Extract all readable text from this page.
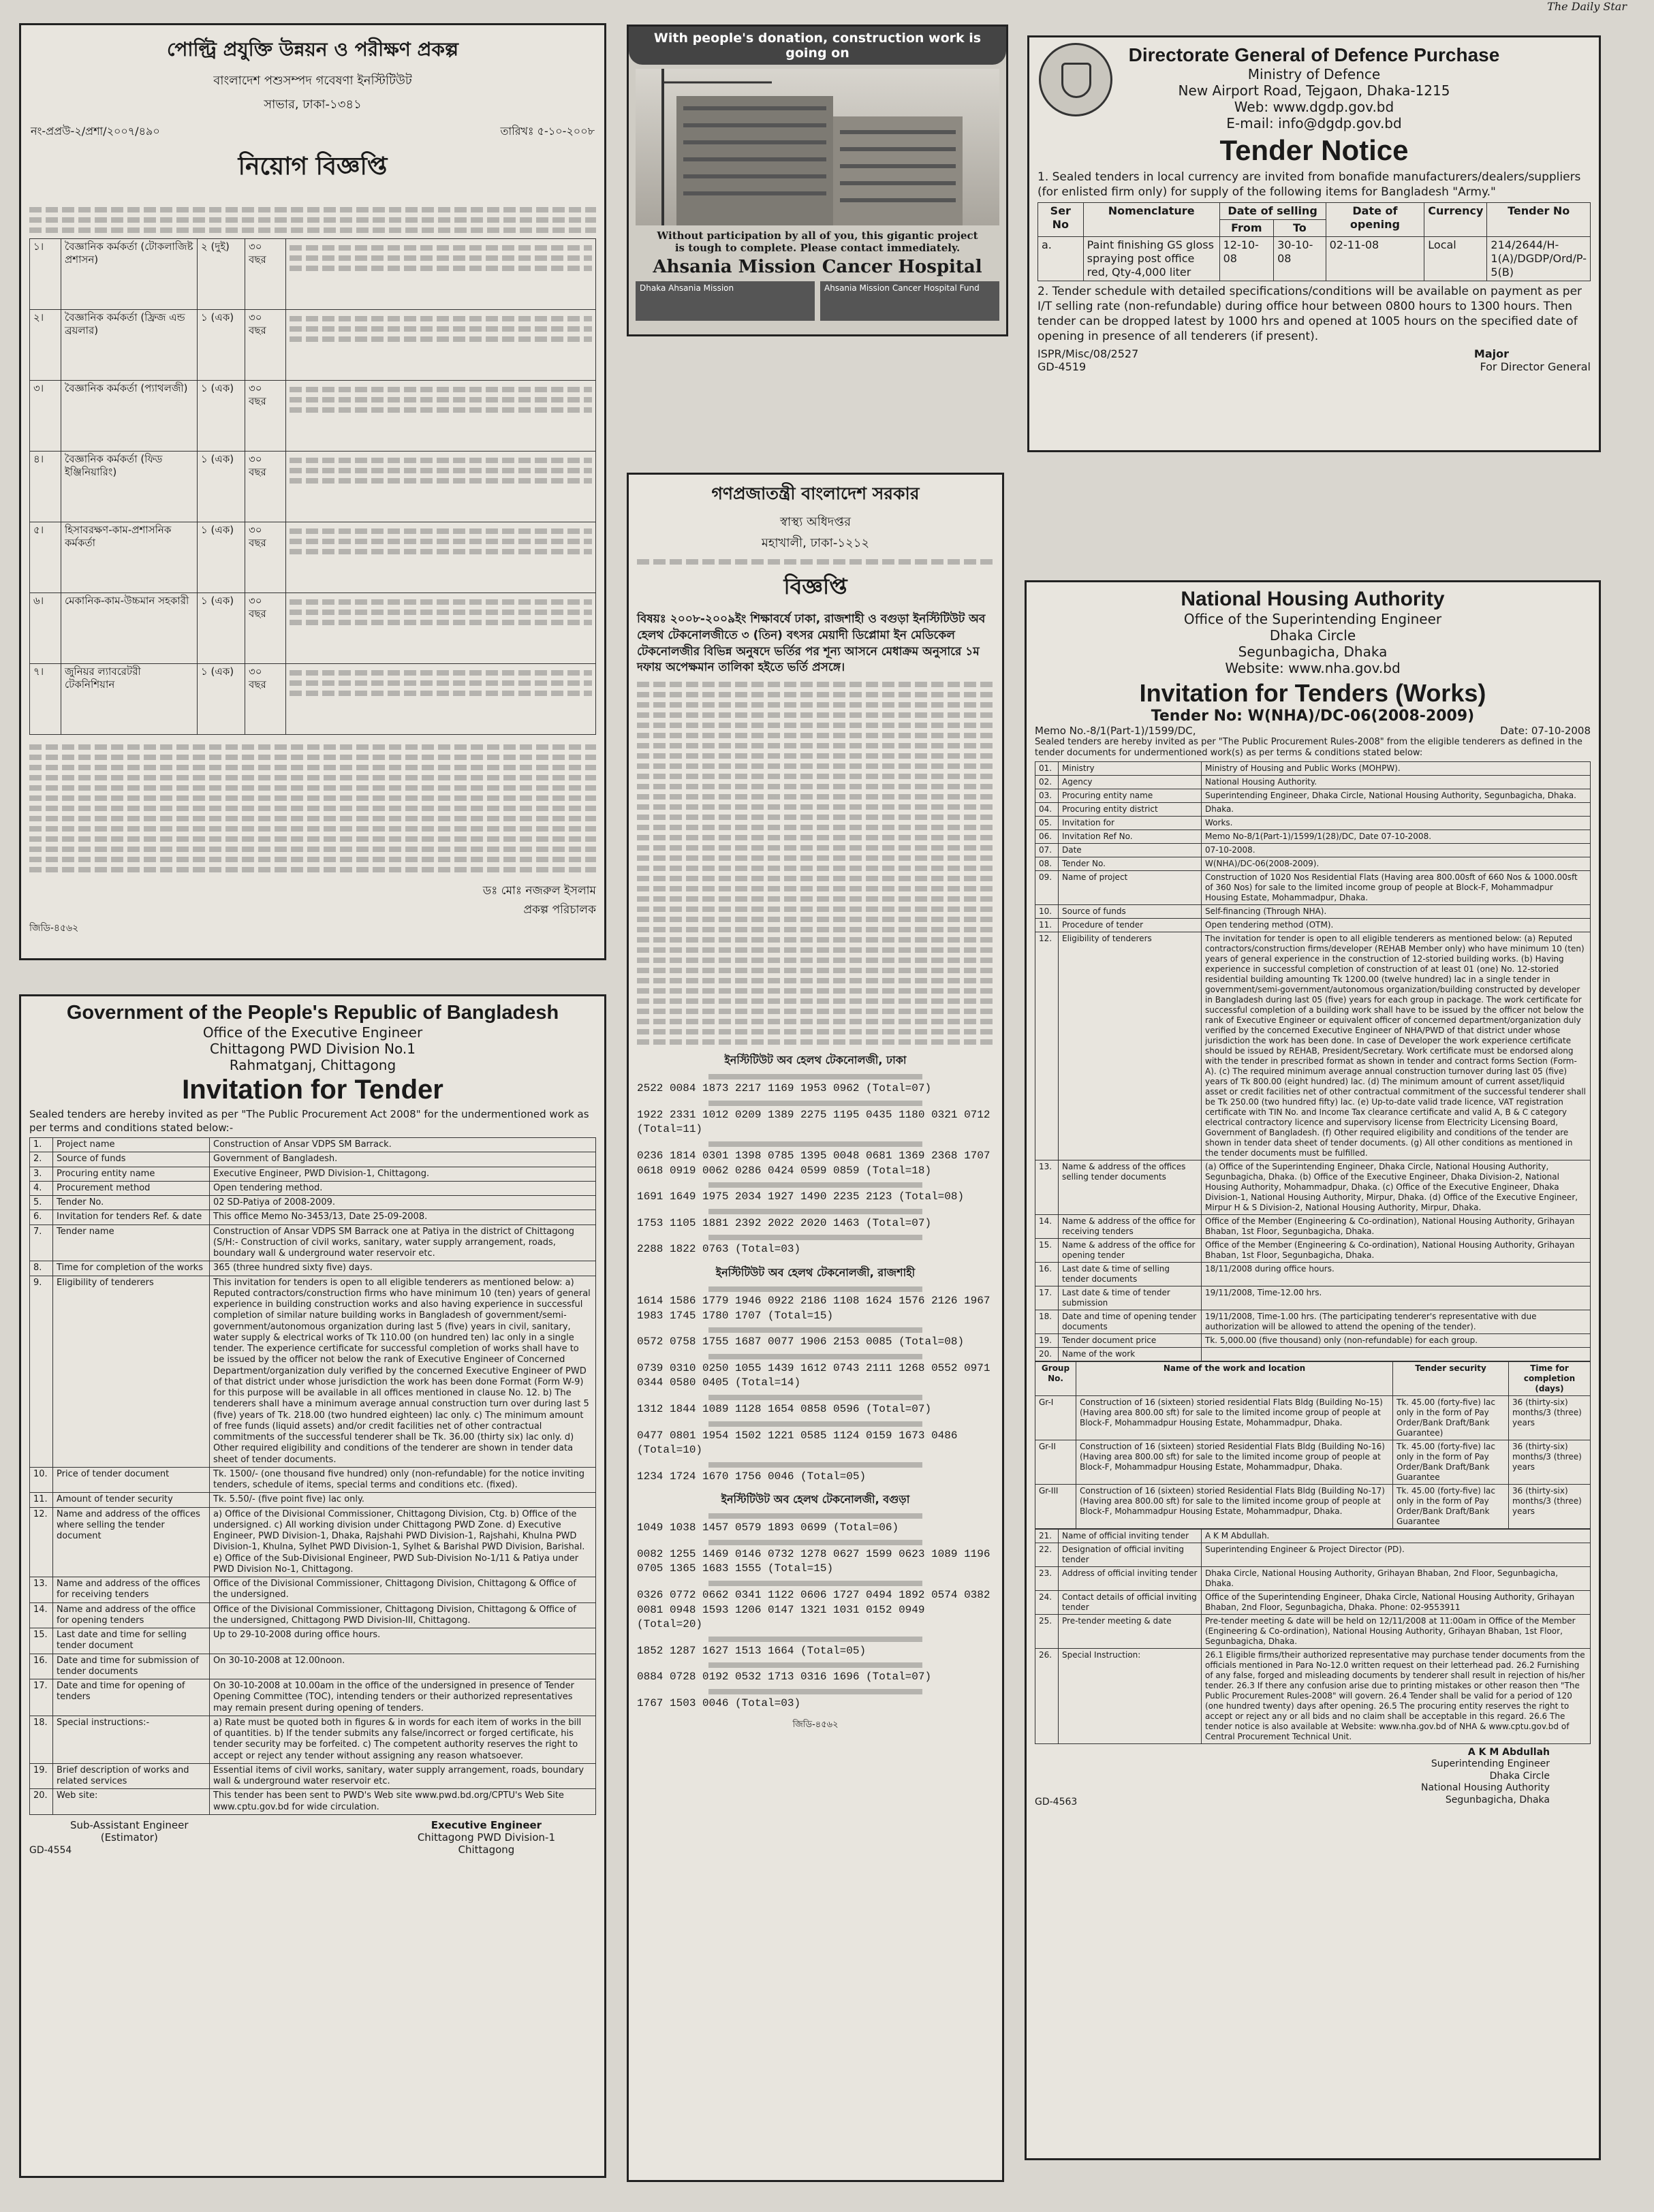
The Daily Star
পোল্ট্রি প্রযুক্তি উন্নয়ন ও পরীক্ষণ প্রকল্প
বাংলাদেশ পশুসম্পদ গবেষণা ইনস্টিটিউট
সাভার, ঢাকা-১৩৪১
নং-প্রপ্রউ-২/প্রশা/২০০৭/৪৯০	তারিখঃ ৫-১০-২০০৮
নিয়োগ বিজ্ঞপ্তি
১।	বৈজ্ঞানিক কর্মকর্তা (টোকলাজিষ্ট প্রশাসন)	২ (দুই)	৩০ বছর	

২।	বৈজ্ঞানিক কর্মকর্তা (ফ্রিজ এন্ড ব্রয়লার)	১ (এক)	৩০ বছর	

৩।	বৈজ্ঞানিক কর্মকর্তা (প্যাথলজী)	১ (এক)	৩০ বছর	

৪।	বৈজ্ঞানিক কর্মকর্তা (ফিড ইঞ্জিনিয়ারিং)	১ (এক)	৩০ বছর	

৫।	হিসাবরক্ষণ-কাম-প্রশাসনিক কর্মকর্তা	১ (এক)	৩০ বছর	

৬।	মেকানিক-কাম-উচ্চমান সহকারী	১ (এক)	৩০ বছর	

৭।	জুনিয়র ল্যাবরেটরী টেকনিশিয়ান	১ (এক)	৩০ বছর	
ডঃ মোঃ নজরুল ইসলাম
প্রকল্প পরিচালক
জিডি-৪৫৬২
With people's donation, construction work is going on
Without participation by all of you, this gigantic project is tough to complete. Please contact immediately.
Ahsania Mission Cancer Hospital
Dhaka Ahsania Mission	Ahsania Mission Cancer Hospital Fund
Directorate General of Defence Purchase
Ministry of Defence
New Airport Road, Tejgaon, Dhaka-1215
Web: www.dgdp.gov.bd
E-mail: info@dgdp.gov.bd
Tender Notice
1. Sealed tenders in local currency are invited from bonafide manufacturers/dealers/suppliers (for enlisted firm only) for supply of the following items for Bangladesh "Army."
Ser No	Nomenclature	Date of selling		Date of opening	Currency	Tender No
		From	To			
a.	Paint finishing GS gloss spraying post office red, Qty-4,000 liter	12-10-08	30-10-08	02-11-08	Local	214/2644/H-1(A)/DGDP/Ord/P-5(B)
2. Tender schedule with detailed specifications/conditions will be available on payment as per I/T selling rate (non-refundable) during office hour between 0800 hours to 1300 hours. Then tender can be dropped latest by 1000 hrs and opened at 1005 hours on the specified date of opening in presence of all tenderers (if present).
ISPR/Misc/08/2527	Major
GD-4519	For Director General
গণপ্রজাতন্ত্রী বাংলাদেশ সরকার
স্বাস্থ্য অধিদপ্তর
মহাখালী, ঢাকা-১২১২
বিজ্ঞপ্তি
বিষয়ঃ ২০০৮-২০০৯ইং শিক্ষাবর্ষে ঢাকা, রাজশাহী ও বগুড়া ইনস্টিটিউট অব হেলথ টেকনোলজীতে ৩ (তিন) বৎসর মেয়াদী ডিপ্লোমা ইন মেডিকেল টেকনোলজীর বিভিন্ন অনুষদে ভর্তির পর শূন্য আসনে মেধাক্রম অনুসারে ১ম দফায় অপেক্ষমান তালিকা হইতে ভর্তি প্রসঙ্গে।
ইনস্টিটিউট অব হেলথ টেকনোলজী, ঢাকা
2522 0084 1873 2217 1169 1953 0962 (Total=07)
1922 2331 1012 0209 1389 2275 1195 0435 1180 0321 0712 (Total=11)
0236 1814 0301 1398 0785 1395 0048 0681 1369 2368 1707 0618 0919 0062 0286 0424 0599 0859 (Total=18)
1691 1649 1975 2034 1927 1490 2235 2123 (Total=08)
1753 1105 1881 2392 2022 2020 1463 (Total=07)
2288 1822 0763 (Total=03)
ইনস্টিটিউট অব হেলথ টেকনোলজী, রাজশাহী
1614 1586 1779 1946 0922 2186 1108 1624 1576 2126 1967 1983 1745 1780 1707 (Total=15)
0572 0758 1755 1687 0077 1906 2153 0085 (Total=08)
0739 0310 0250 1055 1439 1612 0743 2111 1268 0552 0971 0344 0580 0405 (Total=14)
1312 1844 1089 1128 1654 0858 0596 (Total=07)
0477 0801 1954 1502 1221 0585 1124 0159 1673 0486 (Total=10)
1234 1724 1670 1756 0046 (Total=05)
ইনস্টিটিউট অব হেলথ টেকনোলজী, বগুড়া
1049 1038 1457 0579 1893 0699 (Total=06)
0082 1255 1469 0146 0732 1278 0627 1599 0623 1089 1196 0705 1365 1683 1555 (Total=15)
0326 0772 0662 0341 1122 0606 1727 0494 1892 0574 0382 0081 0948 1593 1206 0147 1321 1031 0152 0949 (Total=20)
1852 1287 1627 1513 1664 (Total=05)
0884 0728 0192 0532 1713 0316 1696 (Total=07)
1767 1503 0046 (Total=03)
জিডি-৪৫৬২
Government of the People's Republic of Bangladesh
Office of the Executive Engineer
Chittagong PWD Division No.1
Rahmatganj, Chittagong
Invitation for Tender
Sealed tenders are hereby invited as per "The Public Procurement Act 2008" for the undermentioned work as per terms and conditions stated below:-
1.	Project name	Construction of Ansar VDPS SM Barrack.
2.	Source of funds	Government of Bangladesh.
3.	Procuring entity name	Executive Engineer, PWD Division-1, Chittagong.
4.	Procurement method	Open tendering method.
5.	Tender No.	02 SD-Patiya of 2008-2009.
6.	Invitation for tenders Ref. & date	This office Memo No-3453/13, Date 25-09-2008.
7.	Tender name	Construction of Ansar VDPS SM Barrack one at Patiya in the district of Chittagong (S/H:- Construction of civil works, sanitary, water supply arrangement, roads, boundary wall & underground water reservoir etc.
8.	Time for completion of the works	365 (three hundred sixty five) days.
9.	Eligibility of tenderers	This invitation for tenders is open to all eligible tenderers as mentioned below: a) Reputed contractors/construction firms who have minimum 10 (ten) years of general experience in building construction works and also having experience in successful completion of similar nature building works in Bangladesh of government/semi-government/autonomous organization during last 5 (five) years in civil, sanitary, water supply & electrical works of Tk 110.00 (on hundred ten) lac only in a single tender. The experience certificate for successful completion of works shall have to be issued by the officer not below the rank of Executive Engineer of Concerned Department/organization duly verified by the concerned Executive Engineer of PWD of that district under whose jurisdiction the work has been done Format (Form W-9) for this purpose will be available in all offices mentioned in clause No. 12. b) The tenderers shall have a minimum average annual construction turn over during last 5 (five) years of Tk. 218.00 (two hundred eighteen) lac only. c) The minimum amount of free funds (liquid assets) and/or credit facilities net of other contractual commitments of the successful tenderer shall be Tk. 36.00 (thirty six) lac only. d) Other required eligibility and conditions of the tenderer are shown in tender data sheet of tender documents.
10.	Price of tender document	Tk. 1500/- (one thousand five hundred) only (non-refundable) for the notice inviting tenders, schedule of items, special terms and conditions etc. (fixed).
11.	Amount of tender security	Tk. 5.50/- (five point five) lac only.
12.	Name and address of the offices where selling the tender document	a) Office of the Divisional Commissioner, Chittagong Division, Ctg. b) Office of the undersigned. c) All working division under Chittagong PWD Zone. d) Executive Engineer, PWD Division-1, Dhaka, Rajshahi PWD Division-1, Rajshahi, Khulna PWD Division-1, Khulna, Sylhet PWD Division-1, Sylhet & Barishal PWD Division, Barishal. e) Office of the Sub-Divisional Engineer, PWD Sub-Division No-1/11 & Patiya under PWD Division No-1, Chittagong.
13.	Name and address of the offices for receiving tenders	Office of the Divisional Commissioner, Chittagong Division, Chittagong & Office of the undersigned.
14.	Name and address of the office for opening tenders	Office of the Divisional Commissioner, Chittagong Division, Chittagong & Office of the undersigned, Chittagong PWD Division-III, Chittagong.
15.	Last date and time for selling tender document	Up to 29-10-2008 during office hours.
16.	Date and time for submission of tender documents	On 30-10-2008 at 12.00noon.
17.	Date and time for opening of tenders	On 30-10-2008 at 10.00am in the office of the undersigned in presence of Tender Opening Committee (TOC), intending tenders or their authorized representatives may remain present during opening of tenders.
18.	Special instructions:-	a) Rate must be quoted both in figures & in words for each item of works in the bill of quantities. b) If the tender submits any false/incorrect or forged certificate, his tender security may be forfeited. c) The competent authority reserves the right to accept or reject any tender without assigning any reason whatsoever.
19.	Brief description of works and related services	Essential items of civil works, sanitary, water supply arrangement, roads, boundary wall & underground water reservoir etc.
20.	Web site:	This tender has been sent to PWD's Web site www.pwd.bd.org/CPTU's Web Site www.cptu.gov.bd for wide circulation.
Sub-Assistant Engineer
(Estimator)
Executive Engineer
Chittagong PWD Division-1
Chittagong
GD-4554
National Housing Authority
Office of the Superintending Engineer
Dhaka Circle
Segunbagicha, Dhaka
Website: www.nha.gov.bd
Invitation for Tenders (Works)
Tender No: W(NHA)/DC-06(2008-2009)
Memo No.-8/1(Part-1)/1599/DC,	Date: 07-10-2008
Sealed tenders are hereby invited as per "The Public Procurement Rules-2008" from the eligible tenderers as defined in the tender documents for undermentioned work(s) as per terms & conditions stated below:
01.	Ministry	Ministry of Housing and Public Works (MOHPW).
02.	Agency	National Housing Authority.
03.	Procuring entity name	Superintending Engineer, Dhaka Circle, National Housing Authority, Segunbagicha, Dhaka.
04.	Procuring entity district	Dhaka.
05.	Invitation for	Works.
06.	Invitation Ref No.	Memo No-8/1(Part-1)/1599/1(28)/DC, Date 07-10-2008.
07.	Date	07-10-2008.
08.	Tender No.	W(NHA)/DC-06(2008-2009).
09.	Name of project	Construction of 1020 Nos Residential Flats (Having area 800.00sft of 660 Nos & 1000.00sft of 360 Nos) for sale to the limited income group of people at Block-F, Mohammadpur Housing Estate, Mohammadpur, Dhaka.
10.	Source of funds	Self-financing (Through NHA).
11.	Procedure of tender	Open tendering method (OTM).
12.	Eligibility of tenderers	The invitation for tender is open to all eligible tenderers as mentioned below: (a) Reputed contractors/construction firms/developer (REHAB Member only) who have minimum 10 (ten) years of general experience in the construction of 12-storied building works. (b) Having experience in successful completion of construction of at least 01 (one) No. 12-storied residential building amounting Tk 1200.00 (twelve hundred) lac in a single tender in government/semi-government/autonomous organization/building constructed by developer in Bangladesh during last 05 (five) years for each group in package. The work certificate for successful completion of a building work shall have to be issued by the officer not below the rank of Executive Engineer or equivalent officer of concerned department/organization duly verified by the concerned Executive Engineer of NHA/PWD of that district under whose jurisdiction the work has been done. In case of Developer the work experience certificate should be issued by REHAB, President/Secretary. Work certificate must be endorsed along with the tender in prescribed format as shown in tender and contract forms Section (Form-A). (c) The required minimum average annual construction turnover during last 05 (five) years of Tk 800.00 (eight hundred) lac. (d) The minimum amount of current asset/liquid asset or credit facilities net of other contractual commitment of the successful tenderer shall be Tk 250.00 (two hundred fifty) lac. (e) Up-to-date valid trade licence, VAT registration certificate with TIN No. and Income Tax clearance certificate and valid A, B & C category electrical contractory licence and supervisory license from Electricity Licensing Board, Government of Bangladesh. (f) Other required eligibility and conditions of the tender are shown in tender data sheet of tender documents. (g) All other conditions as mentioned in the tender documents must be fulfilled.
13.	Name & address of the offices selling tender documents	(a) Office of the Superintending Engineer, Dhaka Circle, National Housing Authority, Segunbagicha, Dhaka. (b) Office of the Executive Engineer, Dhaka Division-2, National Housing Authority, Mohammadpur, Dhaka. (c) Office of the Executive Engineer, Dhaka Division-1, National Housing Authority, Mirpur, Dhaka. (d) Office of the Executive Engineer, Mirpur H & S Division-2, National Housing Authority, Mirpur, Dhaka.
14.	Name & address of the office for receiving tenders	Office of the Member (Engineering & Co-ordination), National Housing Authority, Grihayan Bhaban, 1st Floor, Segunbagicha, Dhaka.
15.	Name & address of the office for opening tender	Office of the Member (Engineering & Co-ordination), National Housing Authority, Grihayan Bhaban, 1st Floor, Segunbagicha, Dhaka.
16.	Last date & time of selling tender documents	18/11/2008 during office hours.
17.	Last date & time of tender submission	19/11/2008, Time-12.00 hrs.
18.	Date and time of opening tender documents	19/11/2008, Time-1.00 hrs. (The participating tenderer's representative with due authorization will be allowed to attend the opening of the tender).
19.	Tender document price	Tk. 5,000.00 (five thousand) only (non-refundable) for each group.
20.	Name of the work	
Group No.	Name of the work and location	Tender security	Time for completion (days)
Gr-I	Construction of 16 (sixteen) storied residential Flats Bldg (Building No-15) (Having area 800.00 sft) for sale to the limited income group of people at Block-F, Mohammadpur Housing Estate, Mohammadpur, Dhaka.	Tk. 45.00 (forty-five) lac only in the form of Pay Order/Bank Draft/Bank Guarantee)	36 (thirty-six) months/3 (three) years
Gr-II	Construction of 16 (sixteen) storied Residential Flats Bldg (Building No-16) (Having area 800.00 sft) for sale to the limited income group of people at Block-F, Mohammadpur Housing Estate, Mohammadpur, Dhaka.	Tk. 45.00 (forty-five) lac only in the form of Pay Order/Bank Draft/Bank Guarantee	36 (thirty-six) months/3 (three) years
Gr-III	Construction of 16 (sixteen) storied Residential Flats Bldg (Building No-17) (Having area 800.00 sft) for sale to the limited income group of people at Block-F, Mohammadpur Housing Estate, Mohammadpur, Dhaka.	Tk. 45.00 (forty-five) lac only in the form of Pay Order/Bank Draft/Bank Guarantee	36 (thirty-six) months/3 (three) years
21.	Name of official inviting tender	A K M Abdullah.
22.	Designation of official inviting tender	Superintending Engineer & Project Director (PD).
23.	Address of official inviting tender	Dhaka Circle, National Housing Authority, Grihayan Bhaban, 2nd Floor, Segunbagicha, Dhaka.
24.	Contact details of official inviting tender	Office of the Superintending Engineer, Dhaka Circle, National Housing Authority, Grihayan Bhaban, 2nd Floor, Segunbagicha, Dhaka. Phone: 02-9553911
25.	Pre-tender meeting & date	Pre-tender meeting & date will be held on 12/11/2008 at 11:00am in Office of the Member (Engineering & Co-ordination), National Housing Authority, Grihayan Bhaban, 1st Floor, Segunbagicha, Dhaka.
26.	Special Instruction:	26.1 Eligible firms/their authorized representative may purchase tender documents from the officials mentioned in Para No-12.0 written request on their letterhead pad. 26.2 Furnishing of any false, forged and misleading documents by tenderer shall result in rejection of his/her tender. 26.3 If there any confusion arise due to printing mistakes or other reason then "The Public Procurement Rules-2008" will govern. 26.4 Tender shall be valid for a period of 120 (one hundred twenty) days after opening. 26.5 The procuring entity reserves the right to accept or reject any or all bids and no claim shall be acceptable in this regard. 26.6 The tender notice is also available at Website: www.nha.gov.bd of NHA & www.cptu.gov.bd of Central Procurement Technical Unit.
A K M Abdullah
Superintending Engineer
Dhaka Circle
National Housing Authority
Segunbagicha, Dhaka
GD-4563
